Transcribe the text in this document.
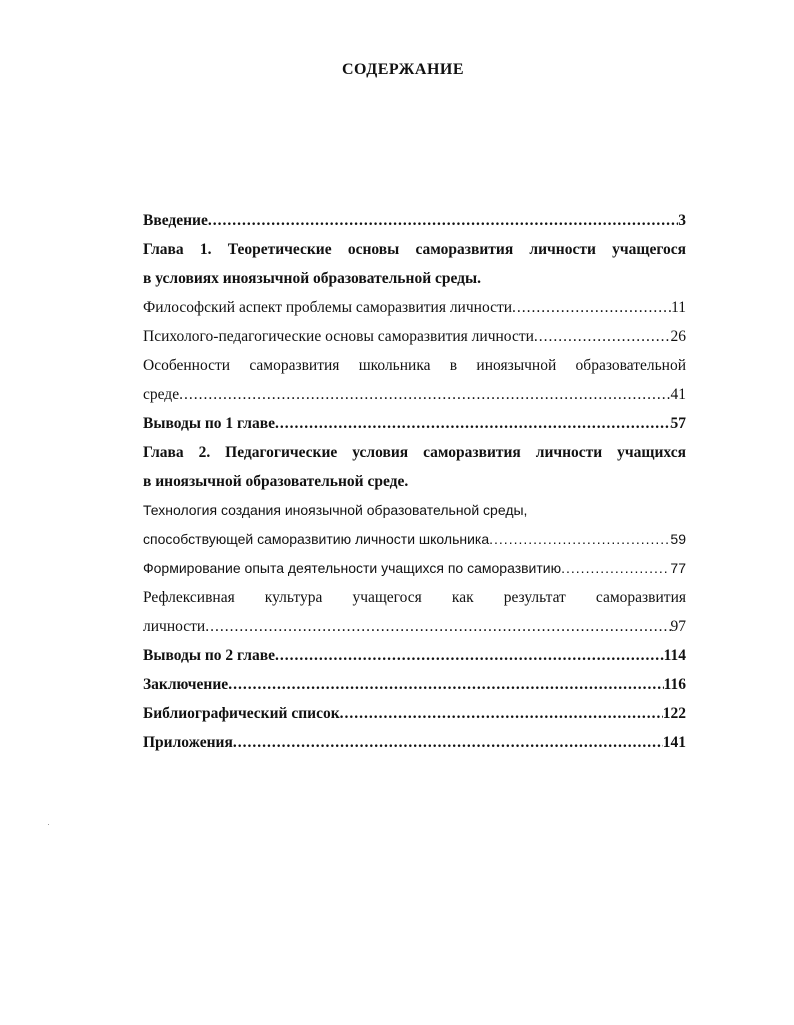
СОДЕРЖАНИЕ
Введение .....	3
Глава 1. Теоретические основы саморазвития личности учащегося
в условиях иноязычной образовательной среды.
Философский аспект проблемы саморазвития личности .....	11
Психолого-педагогические основы саморазвития личности .....	26
Особенности саморазвития школьника в иноязычной образовательной
среде .....	41
Выводы по 1 главе .....	57
Глава 2. Педагогические условия саморазвития личности учащихся
в иноязычной образовательной среде.
Технология создания иноязычной образовательной среды,
способствующей саморазвитию личности школьника .....	59
Формирование опыта деятельности учащихся по саморазвитию .....	77
Рефлексивная культура учащегося как результат саморазвития
личности .....	97
Выводы по 2 главе .....	114
Заключение .....	116
Библиографический список .....	122
Приложения .....	141
